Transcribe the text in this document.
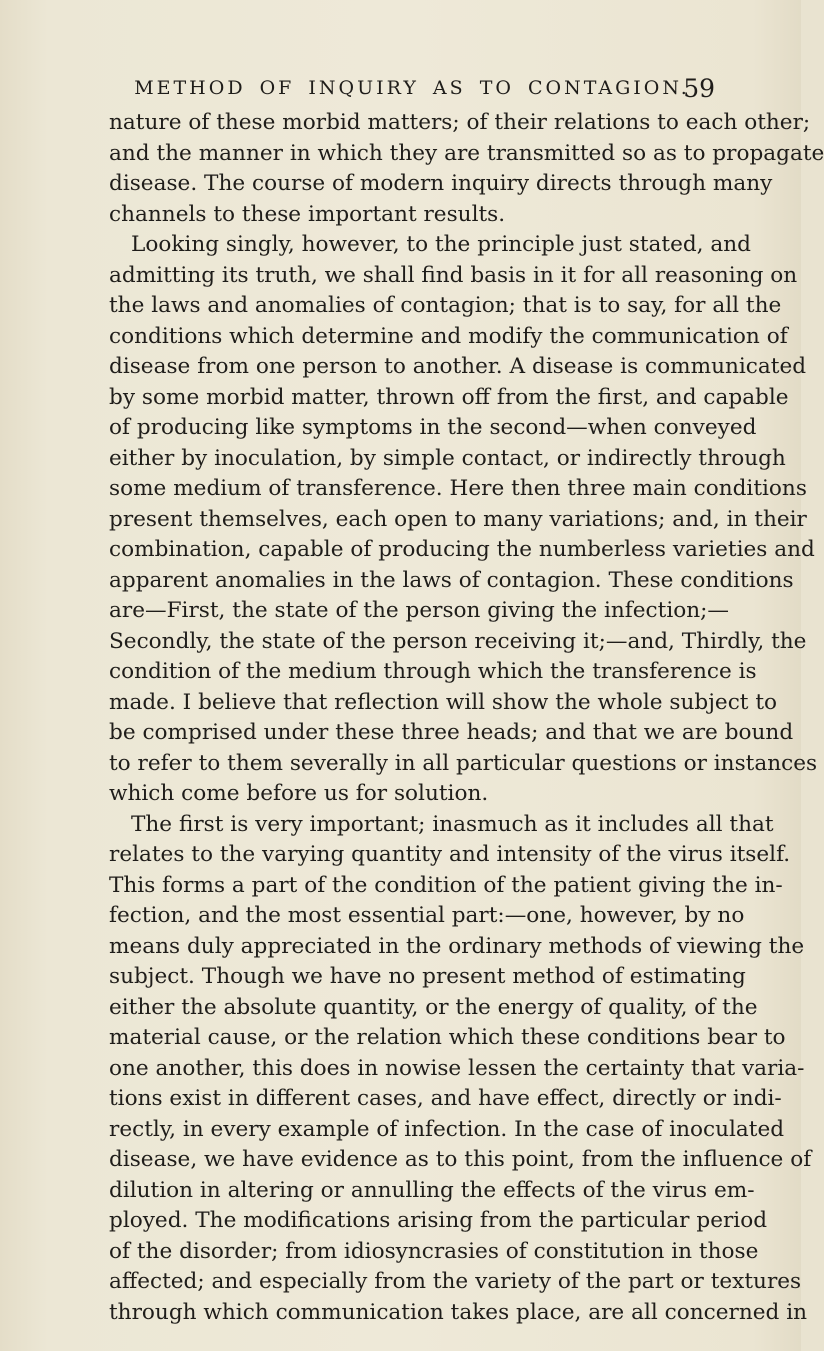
METHOD OF INQUIRY AS TO CONTAGION.
59
nature of these morbid matters; of their relations to each other;
and the manner in which they are transmitted so as to propagate
disease. The course of modern inquiry directs through many
channels to these important results.
Looking singly, however, to the principle just stated, and
admitting its truth, we shall find basis in it for all reasoning on
the laws and anomalies of contagion; that is to say, for all the
conditions which determine and modify the communication of
disease from one person to another. A disease is communicated
by some morbid matter, thrown off from the first, and capable
of producing like symptoms in the second—when conveyed
either by inoculation, by simple contact, or indirectly through
some medium of transference. Here then three main conditions
present themselves, each open to many variations; and, in their
combination, capable of producing the numberless varieties and
apparent anomalies in the laws of contagion. These conditions
are—First, the state of the person giving the infection;—
Secondly, the state of the person receiving it;—and, Thirdly, the
condition of the medium through which the transference is
made. I believe that reflection will show the whole subject to
be comprised under these three heads; and that we are bound
to refer to them severally in all particular questions or instances
which come before us for solution.
The first is very important; inasmuch as it includes all that
relates to the varying quantity and intensity of the virus itself.
This forms a part of the condition of the patient giving the in-
fection, and the most essential part:—one, however, by no
means duly appreciated in the ordinary methods of viewing the
subject. Though we have no present method of estimating
either the absolute quantity, or the energy of quality, of the
material cause, or the relation which these conditions bear to
one another, this does in nowise lessen the certainty that varia-
tions exist in different cases, and have effect, directly or indi-
rectly, in every example of infection. In the case of inoculated
disease, we have evidence as to this point, from the influence of
dilution in altering or annulling the effects of the virus em-
ployed. The modifications arising from the particular period
of the disorder; from idiosyncrasies of constitution in those
affected; and especially from the variety of the part or textures
through which communication takes place, are all concerned in
